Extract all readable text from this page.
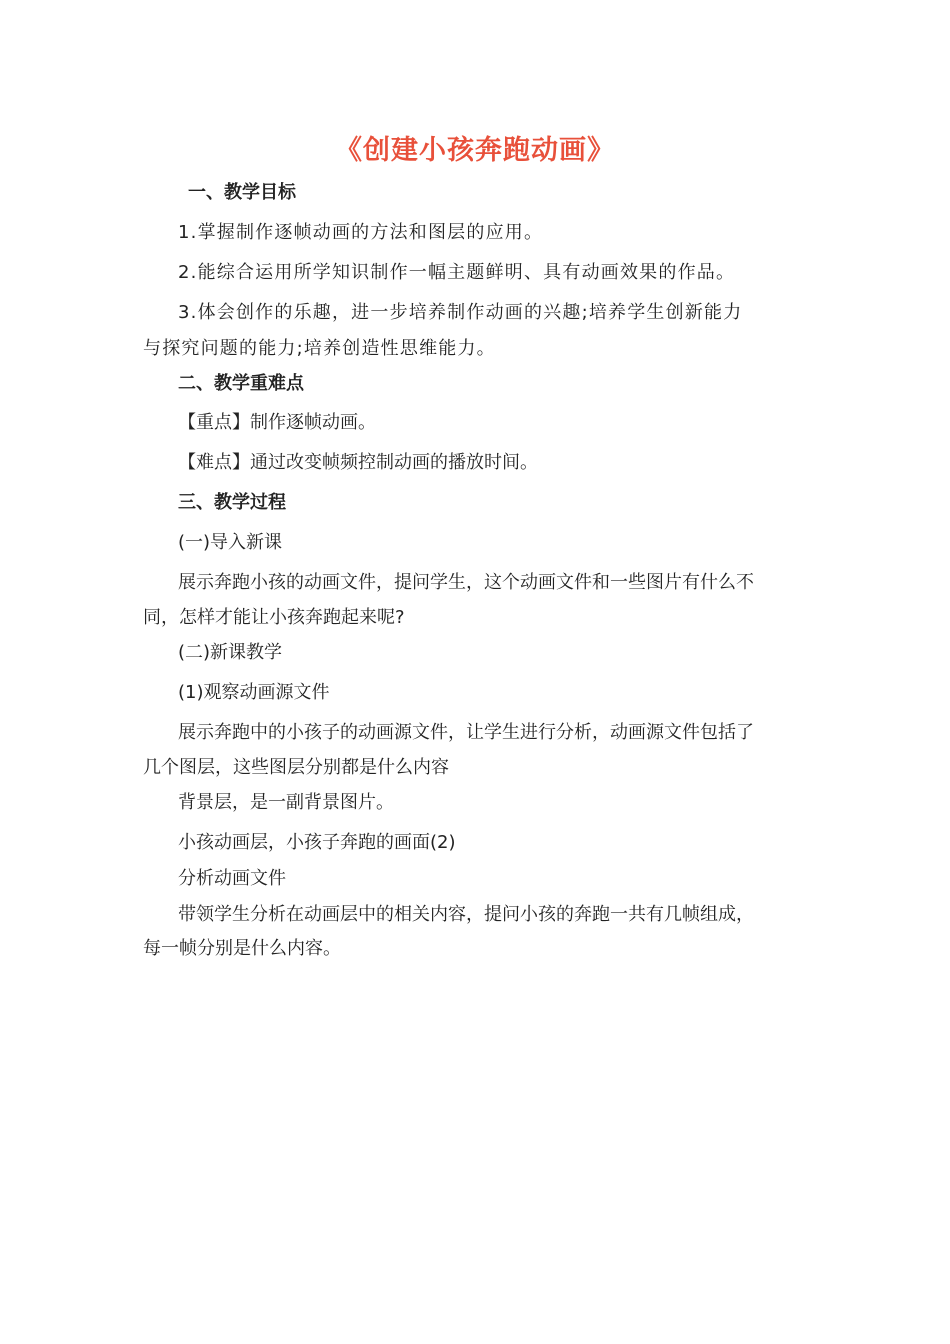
《创建小孩奔跑动画》
一、教学目标
1.掌握制作逐帧动画的方法和图层的应用。
2.能综合运用所学知识制作一幅主题鲜明、具有动画效果的作品。
3.体会创作的乐趣，进一步培养制作动画的兴趣;培养学生创新能力
与探究问题的能力;培养创造性思维能力。
二、教学重难点
【重点】制作逐帧动画。
【难点】通过改变帧频控制动画的播放时间。
三、教学过程
(一)导入新课
展示奔跑小孩的动画文件，提问学生，这个动画文件和一些图片有什么不
同，怎样才能让小孩奔跑起来呢?
(二)新课教学
(1)观察动画源文件
展示奔跑中的小孩子的动画源文件，让学生进行分析，动画源文件包括了
几个图层，这些图层分别都是什么内容
背景层，是一副背景图片。
小孩动画层，小孩子奔跑的画面(2)
分析动画文件
带领学生分析在动画层中的相关内容，提问小孩的奔跑一共有几帧组成，
每一帧分别是什么内容。
